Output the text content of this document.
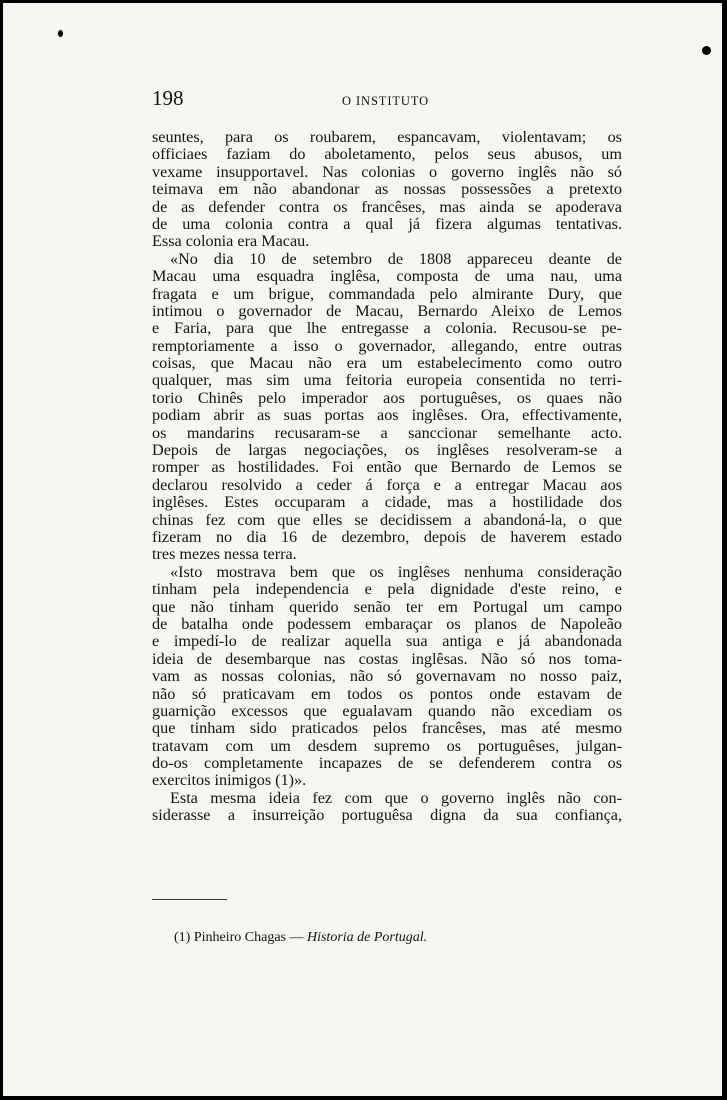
198	O INSTITUTO
seuntes, para os roubarem, espancavam, violentavam; os
officiaes faziam do aboletamento, pelos seus abusos, um
vexame insupportavel. Nas colonias o governo inglês não só
teimava em não abandonar as nossas possessões a pretexto
de as defender contra os francêses, mas ainda se apoderava
de uma colonia contra a qual já fizera algumas tentativas.
Essa colonia era Macau.
«No dia 10 de setembro de 1808 appareceu deante de
Macau uma esquadra inglêsa, composta de uma nau, uma
fragata e um brigue, commandada pelo almirante Dury, que
intimou o governador de Macau, Bernardo Aleixo de Lemos
e Faria, para que lhe entregasse a colonia. Recusou-se pe-
remptoriamente a isso o governador, allegando, entre outras
coisas, que Macau não era um estabelecimento como outro
qualquer, mas sim uma feitoria europeia consentida no terri-
torio Chinês pelo imperador aos portuguêses, os quaes não
podiam abrir as suas portas aos inglêses. Ora, effectivamente,
os mandarins recusaram-se a sanccionar semelhante acto.
Depois de largas negociações, os inglêses resolveram-se a
romper as hostilidades. Foi então que Bernardo de Lemos se
declarou resolvido a ceder á força e a entregar Macau aos
inglêses. Estes occuparam a cidade, mas a hostilidade dos
chinas fez com que elles se decidissem a abandoná-la, o que
fizeram no dia 16 de dezembro, depois de haverem estado
tres mezes nessa terra.
«Isto mostrava bem que os inglêses nenhuma consideração
tinham pela independencia e pela dignidade d'este reino, e
que não tinham querido senão ter em Portugal um campo
de batalha onde podessem embaraçar os planos de Napoleão
e impedí-lo de realizar aquella sua antiga e já abandonada
ideia de desembarque nas costas inglêsas. Não só nos toma-
vam as nossas colonias, não só governavam no nosso paiz,
não só praticavam em todos os pontos onde estavam de
guarnição excessos que egualavam quando não excediam os
que tinham sido praticados pelos francêses, mas até mesmo
tratavam com um desdem supremo os portuguêses, julgan-
do-os completamente incapazes de se defenderem contra os
exercitos inimigos (1)».
Esta mesma ideia fez com que o governo inglês não con-
siderasse a insurreição portuguêsa digna da sua confiança,
(1) Pinheiro Chagas — Historia de Portugal.
